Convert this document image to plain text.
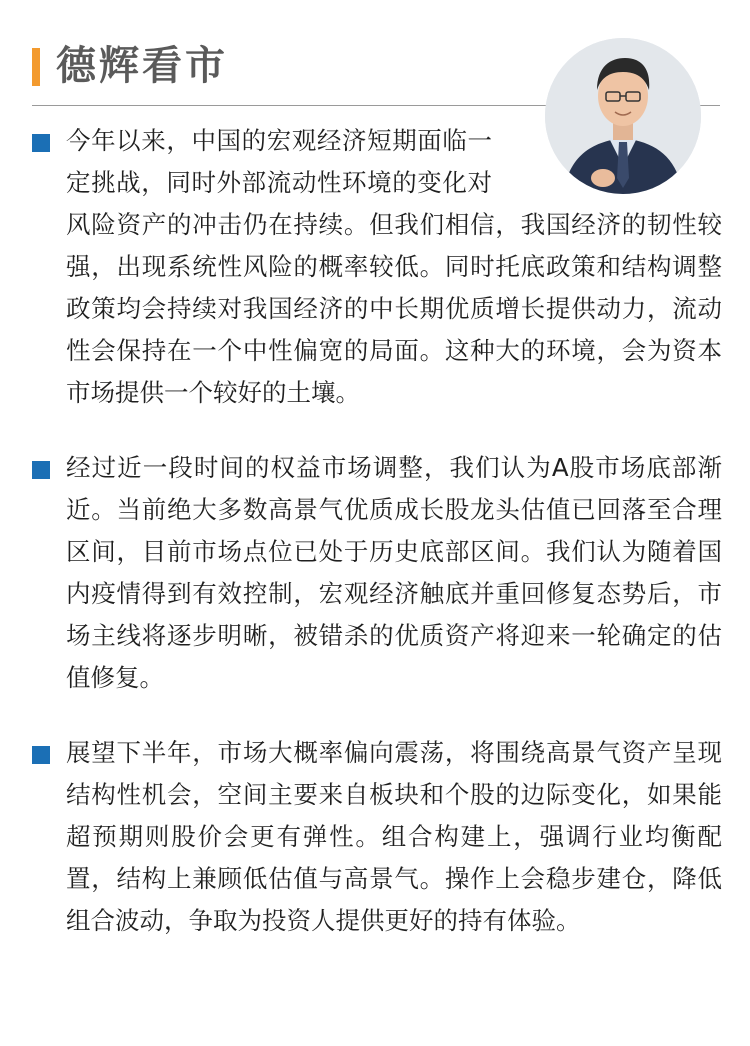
德辉看市
今年以来，中国的宏观经济短期面临一定挑战，同时外部流动性环境的变化对风险资产的冲击仍在持续。但我们相信，我国经济的韧性较强，出现系统性风险的概率较低。同时托底政策和结构调整政策均会持续对我国经济的中长期优质增长提供动力，流动性会保持在一个中性偏宽的局面。这种大的环境，会为资本市场提供一个较好的土壤。
经过近一段时间的权益市场调整，我们认为A股市场底部渐近。当前绝大多数高景气优质成长股龙头估值已回落至合理区间，目前市场点位已处于历史底部区间。我们认为随着国内疫情得到有效控制，宏观经济触底并重回修复态势后，市场主线将逐步明晰，被错杀的优质资产将迎来一轮确定的估值修复。
展望下半年，市场大概率偏向震荡，将围绕高景气资产呈现结构性机会，空间主要来自板块和个股的边际变化，如果能超预期则股价会更有弹性。组合构建上，强调行业均衡配置，结构上兼顾低估值与高景气。操作上会稳步建仓，降低组合波动，争取为投资人提供更好的持有体验。
